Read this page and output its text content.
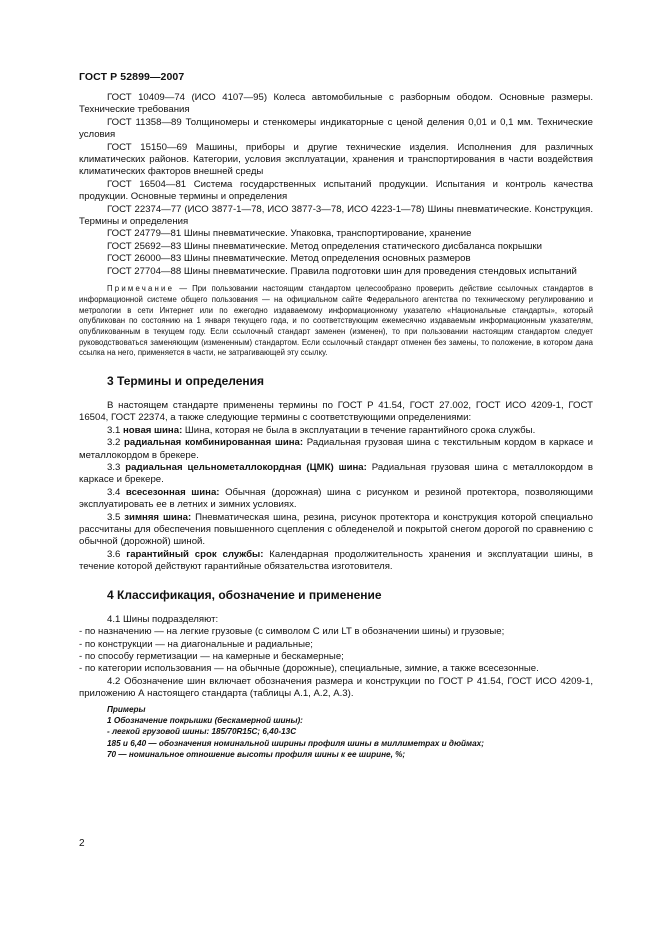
ГОСТ Р 52899—2007

ГОСТ 10409—74 (ИСО 4107—95) Колеса автомобильные с разборным ободом. Основные размеры. Технические требования

ГОСТ 11358—89 Толщиномеры и стенкомеры индикаторные с ценой деления 0,01 и 0,1 мм. Технические условия

ГОСТ 15150—69 Машины, приборы и другие технические изделия. Исполнения для различных климатических районов. Категории, условия эксплуатации, хранения и транспортирования в части воздействия климатических факторов внешней среды

ГОСТ 16504—81 Система государственных испытаний продукции. Испытания и контроль качества продукции. Основные термины и определения

ГОСТ 22374—77 (ИСО 3877-1—78, ИСО 3877-3—78, ИСО 4223-1—78) Шины пневматические. Конструкция. Термины и определения

ГОСТ 24779—81 Шины пневматические. Упаковка, транспортирование, хранение

ГОСТ 25692—83 Шины пневматические. Метод определения статического дисбаланса покрышки

ГОСТ 26000—83 Шины пневматические. Метод определения основных размеров

ГОСТ 27704—88 Шины пневматические. Правила подготовки шин для проведения стендовых испытаний

Примечание — При пользовании настоящим стандартом целесообразно проверить действие ссылочных стандартов в информационной системе общего пользования — на официальном сайте Федерального агентства по техническому регулированию и метрологии в сети Интернет или по ежегодно издаваемому информационному указателю «Национальные стандарты», который опубликован по состоянию на 1 января текущего года, и по соответствующим ежемесячно издаваемым информационным указателям, опубликованным в текущем году. Если ссылочный стандарт заменен (изменен), то при пользовании настоящим стандартом следует руководствоваться заменяющим (измененным) стандартом. Если ссылочный стандарт отменен без замены, то положение, в котором дана ссылка на него, применяется в части, не затрагивающей эту ссылку.

3 Термины и определения

В настоящем стандарте применены термины по ГОСТ Р 41.54, ГОСТ 27.002, ГОСТ ИСО 4209-1, ГОСТ 16504, ГОСТ 22374, а также следующие термины с соответствующими определениями:

3.1 новая шина: Шина, которая не была в эксплуатации в течение гарантийного срока службы.

3.2 радиальная комбинированная шина: Радиальная грузовая шина с текстильным кордом в каркасе и металлокордом в брекере.

3.3 радиальная цельнометаллокордная (ЦМК) шина: Радиальная грузовая шина с металлокордом в каркасе и брекере.

3.4 всесезонная шина: Обычная (дорожная) шина с рисунком и резиной протектора, позволяющими эксплуатировать ее в летних и зимних условиях.

3.5 зимняя шина: Пневматическая шина, резина, рисунок протектора и конструкция которой специально рассчитаны для обеспечения повышенного сцепления с обледенелой и покрытой снегом дорогой по сравнению с обычной (дорожной) шиной.

3.6 гарантийный срок службы: Календарная продолжительность хранения и эксплуатации шины, в течение которой действуют гарантийные обязательства изготовителя.

4 Классификация, обозначение и применение

4.1 Шины подразделяют:

- по назначению — на легкие грузовые (с символом C или LT в обозначении шины) и грузовые;

- по конструкции — на диагональные и радиальные;

- по способу герметизации — на камерные и бескамерные;

- по категории использования — на обычные (дорожные), специальные, зимние, а также всесезонные.

4.2 Обозначение шин включает обозначения размера и конструкции по ГОСТ Р 41.54, ГОСТ ИСО 4209-1, приложению А настоящего стандарта (таблицы А.1, А.2, А.3).

Примеры

1 Обозначение покрышки (бескамерной шины):

- легкой грузовой шины: 185/70R15C; 6,40-13C

185 и 6,40 — обозначения номинальной ширины профиля шины в миллиметрах и дюймах;

70 — номинальное отношение высоты профиля шины к ее ширине, %;

2
